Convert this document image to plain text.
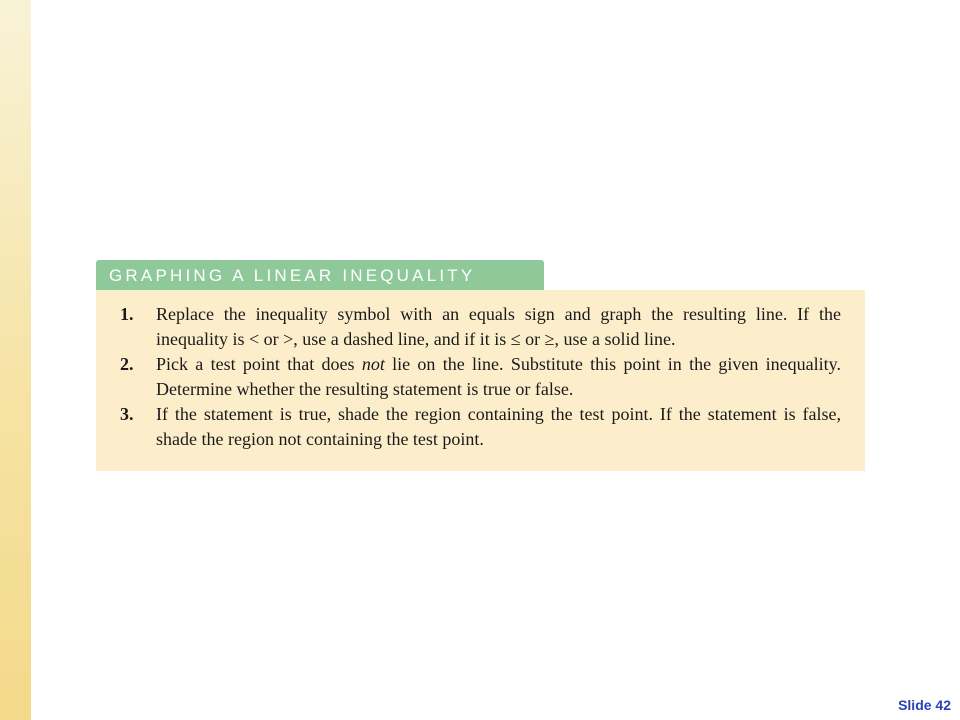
GRAPHING A LINEAR INEQUALITY
1.	Replace the inequality symbol with an equals sign and graph the resulting line. If the inequality is < or >, use a dashed line, and if it is ≤ or ≥, use a solid line.
2.	Pick a test point that does not lie on the line. Substitute this point in the given inequality. Determine whether the resulting statement is true or false.
3.	If the statement is true, shade the region containing the test point. If the statement is false, shade the region not containing the test point.
Slide 42
